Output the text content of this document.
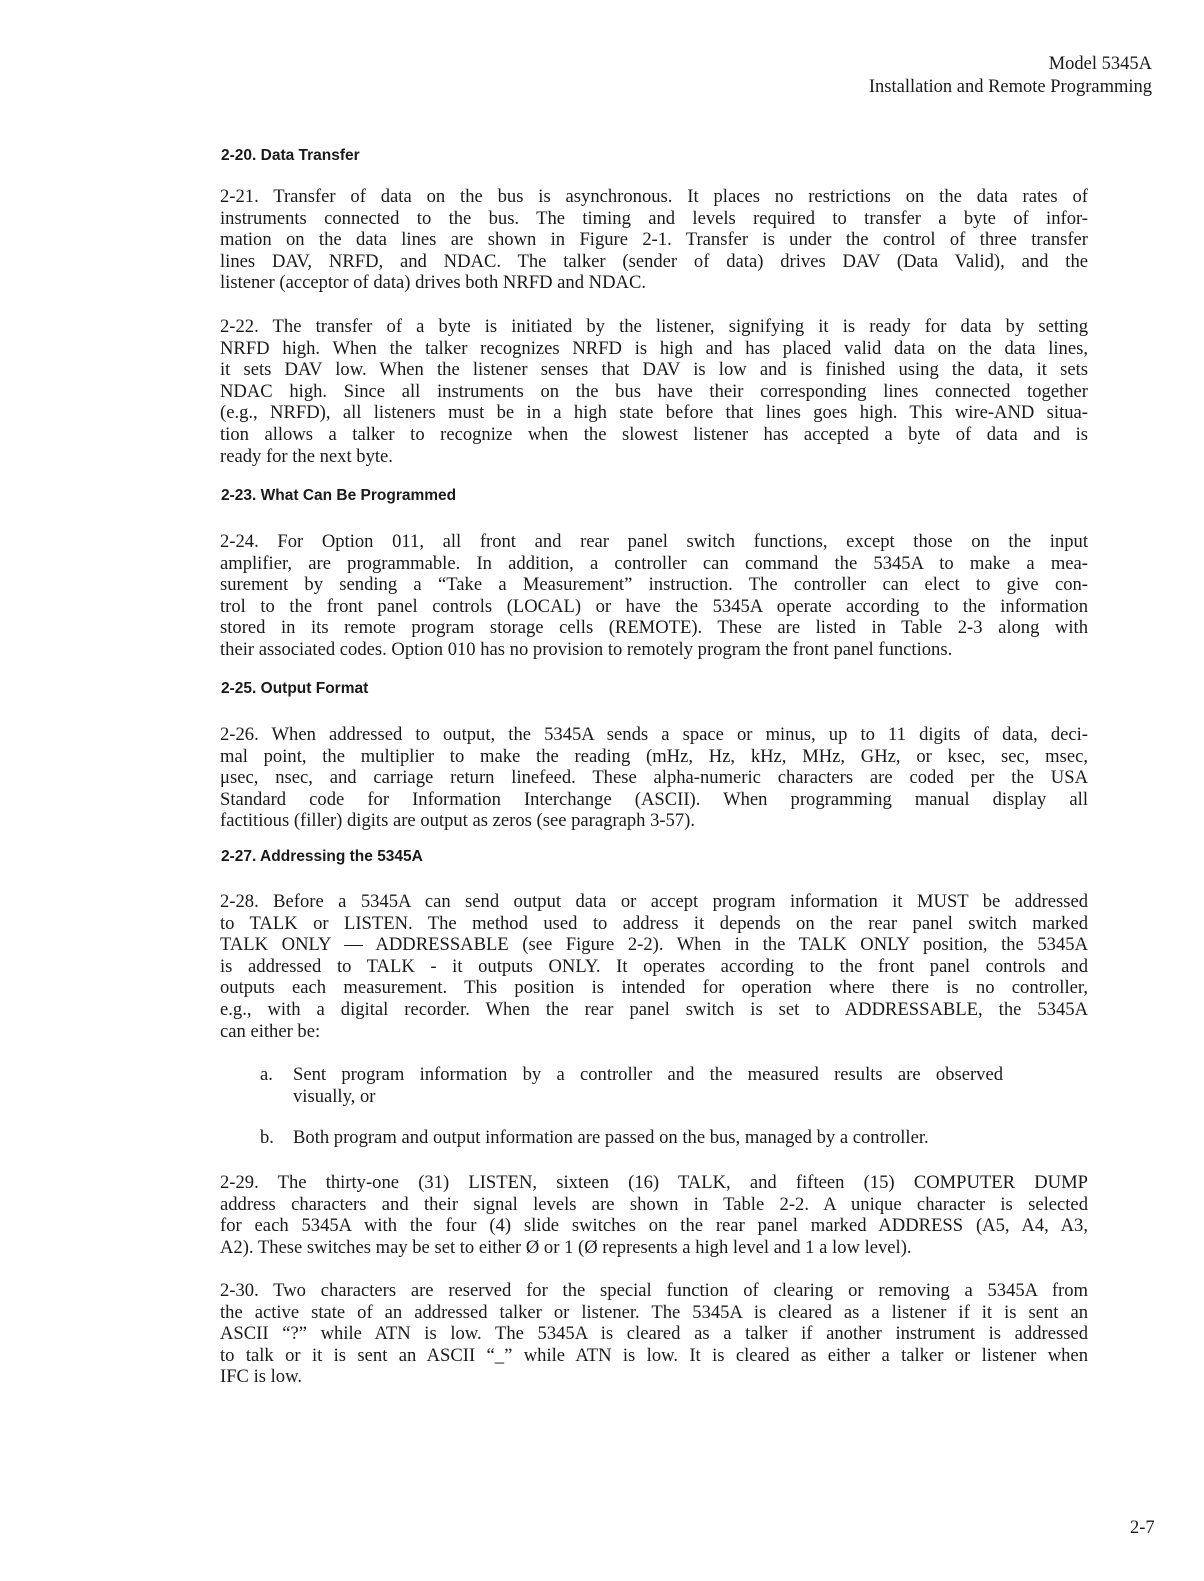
Model 5345A
Installation and Remote Programming
2-20. Data Transfer
2-21. Transfer of data on the bus is asynchronous. It places no restrictions on the data rates of
instruments connected to the bus. The timing and levels required to transfer a byte of infor-
mation on the data lines are shown in Figure 2-1. Transfer is under the control of three transfer
lines DAV, NRFD, and NDAC. The talker (sender of data) drives DAV (Data Valid), and the
listener (acceptor of data) drives both NRFD and NDAC.
2-22. The transfer of a byte is initiated by the listener, signifying it is ready for data by setting
NRFD high. When the talker recognizes NRFD is high and has placed valid data on the data lines,
it sets DAV low. When the listener senses that DAV is low and is finished using the data, it sets
NDAC high. Since all instruments on the bus have their corresponding lines connected together
(e.g., NRFD), all listeners must be in a high state before that lines goes high. This wire-AND situa-
tion allows a talker to recognize when the slowest listener has accepted a byte of data and is
ready for the next byte.
2-23. What Can Be Programmed
2-24. For Option 011, all front and rear panel switch functions, except those on the input
amplifier, are programmable. In addition, a controller can command the 5345A to make a mea-
surement by sending a “Take a Measurement” instruction. The controller can elect to give con-
trol to the front panel controls (LOCAL) or have the 5345A operate according to the information
stored in its remote program storage cells (REMOTE). These are listed in Table 2-3 along with
their associated codes. Option 010 has no provision to remotely program the front panel functions.
2-25. Output Format
2-26. When addressed to output, the 5345A sends a space or minus, up to 11 digits of data, deci-
mal point, the multiplier to make the reading (mHz, Hz, kHz, MHz, GHz, or ksec, sec, msec,
μsec, nsec, and carriage return linefeed. These alpha-numeric characters are coded per the USA
Standard code for Information Interchange (ASCII). When programming manual display all
factitious (filler) digits are output as zeros (see paragraph 3-57).
2-27. Addressing the 5345A
2-28. Before a 5345A can send output data or accept program information it MUST be addressed
to TALK or LISTEN. The method used to address it depends on the rear panel switch marked
TALK ONLY — ADDRESSABLE (see Figure 2-2). When in the TALK ONLY position, the 5345A
is addressed to TALK - it outputs ONLY. It operates according to the front panel controls and
outputs each measurement. This position is intended for operation where there is no controller,
e.g., with a digital recorder. When the rear panel switch is set to ADDRESSABLE, the 5345A
can either be:
a. Sent program information by a controller and the measured results are observed
visually, or
b. Both program and output information are passed on the bus, managed by a controller.
2-29. The thirty-one (31) LISTEN, sixteen (16) TALK, and fifteen (15) COMPUTER DUMP
address characters and their signal levels are shown in Table 2-2. A unique character is selected
for each 5345A with the four (4) slide switches on the rear panel marked ADDRESS (A5, A4, A3,
A2). These switches may be set to either Ø or 1 (Ø represents a high level and 1 a low level).
2-30. Two characters are reserved for the special function of clearing or removing a 5345A from
the active state of an addressed talker or listener. The 5345A is cleared as a listener if it is sent an
ASCII “?” while ATN is low. The 5345A is cleared as a talker if another instrument is addressed
to talk or it is sent an ASCII “_” while ATN is low. It is cleared as either a talker or listener when
IFC is low.
2-7
